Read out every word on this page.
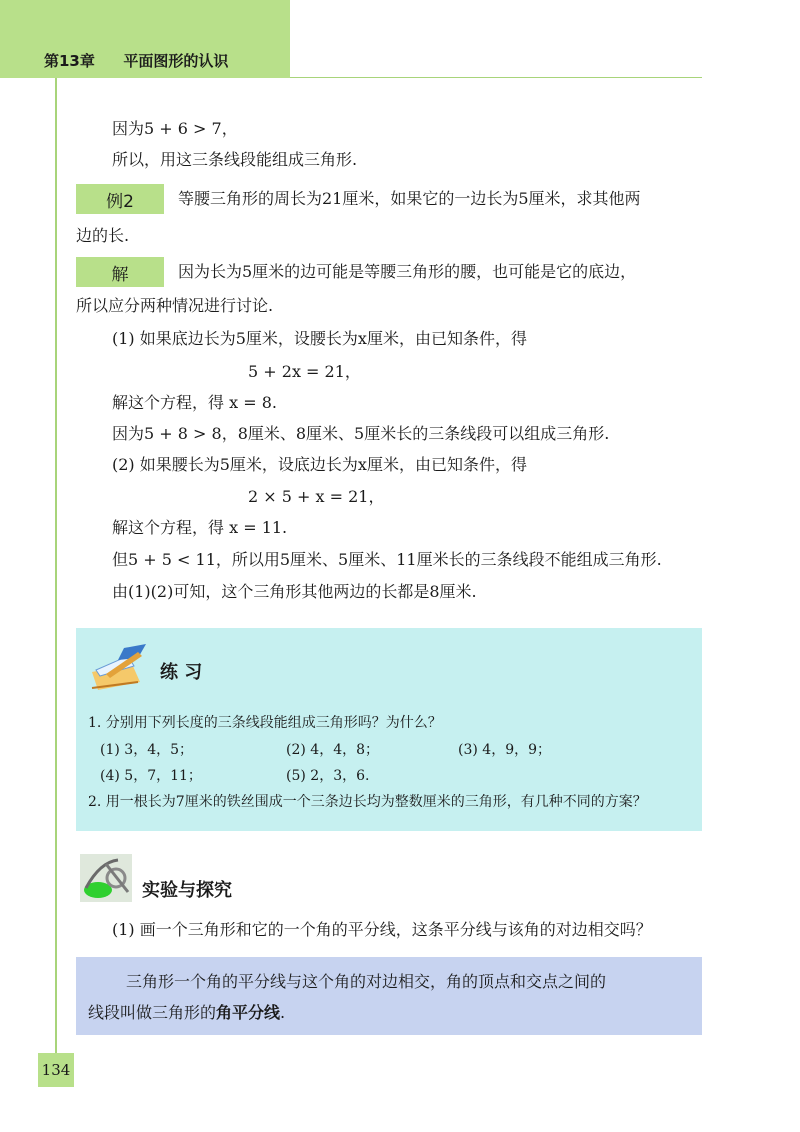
第13章 平面图形的认识
因为5 + 6 > 7，
所以，用这三条线段能组成三角形.
例2	等腰三角形的周长为21厘米，如果它的一边长为5厘米，求其他两
边的长.
解	因为长为5厘米的边可能是等腰三角形的腰，也可能是它的底边，
所以应分两种情况进行讨论.
(1) 如果底边长为5厘米，设腰长为x厘米，由已知条件，得
5 + 2x = 21，
解这个方程，得 x = 8.
因为5 + 8 > 8，8厘米、8厘米、5厘米长的三条线段可以组成三角形.
(2) 如果腰长为5厘米，设底边长为x厘米，由已知条件，得
2 × 5 + x = 21，
解这个方程，得 x = 11.
但5 + 5 < 11，所以用5厘米、5厘米、11厘米长的三条线段不能组成三角形.
由(1)(2)可知，这个三角形其他两边的长都是8厘米.
练 习
1. 分别用下列长度的三条线段能组成三角形吗？为什么？
(1) 3，4，5；	(2) 4，4，8；	(3) 4，9，9；
(4) 5，7，11；	(5) 2，3，6.
2. 用一根长为7厘米的铁丝围成一个三条边长均为整数厘米的三角形，有几种不同的方案？
实验与探究
(1) 画一个三角形和它的一个角的平分线，这条平分线与该角的对边相交吗？
三角形一个角的平分线与这个角的对边相交，角的顶点和交点之间的
线段叫做三角形的角平分线.
134
